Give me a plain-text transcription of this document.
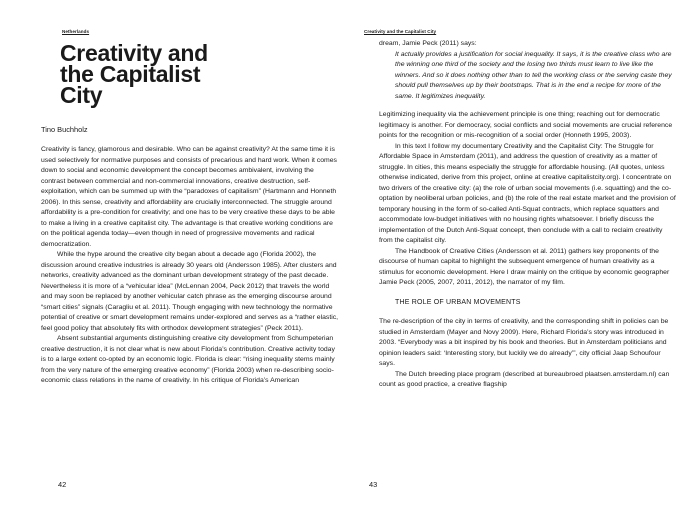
Netherlands
Creativity and
the Capitalist
City

Tino Buchholz

Creativity is fancy, glamorous and desirable. Who can be against creativity? At the same time it is used selectively for normative purposes and consists of precarious and hard work. When it comes down to social and economic development the concept becomes ambivalent, involving the contrast between commercial and non-commercial innovations, creative destruction, self-exploitation, which can be summed up with the “paradoxes of capitalism” (Hartmann and Honneth 2006). In this sense, creativity and affordability are crucially interconnected. The struggle around affordability is a pre-condition for creativity; and one has to be very creative these days to be able to make a living in a creative capitalist city. The advantage is that creative working conditions are on the political agenda today—even though in need of progressive movements and radical democratization.

While the hype around the creative city began about a decade ago (Florida 2002), the discussion around creative industries is already 30 years old (Andersson 1985). After clusters and networks, creativity advanced as the dominant urban development strategy of the past decade. Nevertheless it is more of a “vehicular idea” (McLennan 2004, Peck 2012) that travels the world and may soon be replaced by another vehicular catch phrase as the emerging discourse around “smart cities” signals (Caragliu et al. 2011). Though engaging with new technology the normative potential of creative or smart development remains under-explored and serves as a “rather elastic, feel good policy that absolutely fits with orthodox development strategies” (Peck 2011).

Absent substantial arguments distinguishing creative city development from Schumpeterian creative destruction, it is not clear what is new about Florida’s contribution. Creative activity today is to a large extent co-opted by an economic logic. Florida is clear: “rising inequality stems mainly from the very nature of the emerging creative economy” (Florida 2003) when re-describing socio-economic class relations in the name of creativity. In his critique of Florida’s American

42
Creativity and the Capitalist City

dream, Jamie Peck (2011) says:

It actually provides a justification for social inequality. It says, it is the creative class who are the winning one third of the society and the losing two thirds must learn to live like the winners. And so it does nothing other than to tell the working class or the serving caste they should pull themselves up by their bootstraps. That is in the end a recipe for more of the same. It legitimizes inequality.

Legitimizing inequality via the achievement principle is one thing; reaching out for democratic legitimacy is another. For democracy, social conflicts and social movements are crucial reference points for the recognition or mis-recognition of a social order (Honneth 1995, 2003).

In this text I follow my documentary Creativity and the Capitalist City: The Struggle for Affordable Space in Amsterdam (2011), and address the question of creativity as a matter of struggle. In cities, this means especially the struggle for affordable housing. (All quotes, unless otherwise indicated, derive from this project, online at creative capitalistcity.org). I concentrate on two drivers of the creative city: (a) the role of urban social movements (i.e. squatting) and the co-optation by neoliberal urban policies, and (b) the role of the real estate market and the provision of temporary housing in the form of so-called Anti-Squat contracts, which replace squatters and accommodate low-budget initiatives with no housing rights whatsoever. I briefly discuss the implementation of the Dutch Anti-Squat concept, then conclude with a call to reclaim creativity from the capitalist city.

The Handbook of Creative Cities (Andersson et al. 2011) gathers key proponents of the discourse of human capital to highlight the subsequent emergence of human creativity as a stimulus for economic development. Here I draw mainly on the critique by economic geographer Jamie Peck (2005, 2007, 2011, 2012), the narrator of my film.

THE ROLE OF URBAN MOVEMENTS

The re-description of the city in terms of creativity, and the corresponding shift in policies can be studied in Amsterdam (Mayer and Novy 2009). Here, Richard Florida’s story was introduced in 2003. “Everybody was a bit inspired by his book and theories. But in Amsterdam politicians and opinion leaders said: ‘Interesting story, but luckily we do already’”, city official Jaap Schoufour says.

The Dutch breeding place program (described at bureaubroed plaatsen.amsterdam.nl) can count as good practice, a creative flagship

43
